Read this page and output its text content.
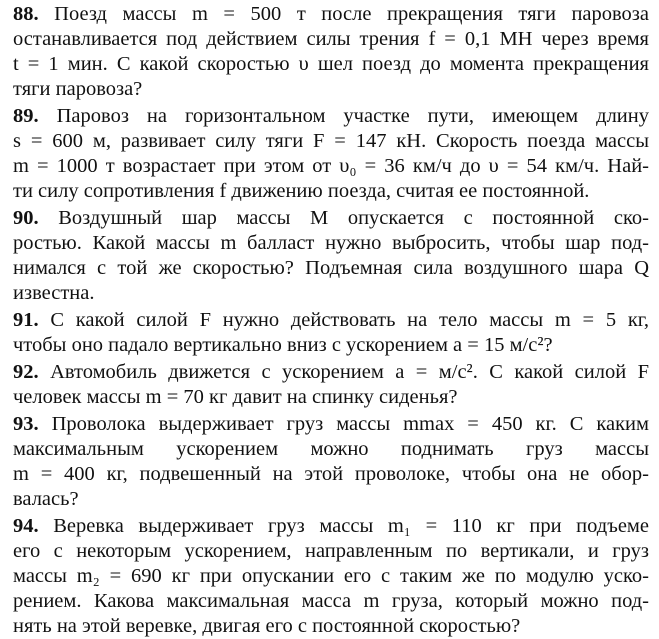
88. Поезд массы m = 500 т после прекращения тяги паровоза
останавливается под действием силы трения f = 0,1 МН через время
t = 1 мин. С какой скоростью υ шел поезд до момента прекращения
тяги паровоза?
89. Паровоз на горизонтальном участке пути, имеющем длину
s = 600 м, развивает силу тяги F = 147 кН. Скорость поезда массы
m = 1000 т возрастает при этом от υ₀ = 36 км/ч до υ = 54 км/ч. Най-
ти силу сопротивления f движению поезда, считая ее постоянной.
90. Воздушный шар массы M опускается с постоянной ско-
ростью. Какой массы m балласт нужно выбросить, чтобы шар под-
нимался с той же скоростью? Подъемная сила воздушного шара Q
известна.
91. С какой силой F нужно действовать на тело массы m = 5 кг,
чтобы оно падало вертикально вниз с ускорением a = 15 м/с²?
92. Автомобиль движется с ускорением a = м/с². С какой силой F
человек массы m = 70 кг давит на спинку сиденья?
93. Проволока выдерживает груз массы mmax = 450 кг. С каким
максимальным ускорением можно поднимать груз массы
m = 400 кг, подвешенный на этой проволоке, чтобы она не обор-
валась?
94. Веревка выдерживает груз массы m₁ = 110 кг при подъеме
его с некоторым ускорением, направленным по вертикали, и груз
массы m₂ = 690 кг при опускании его с таким же по модулю уско-
рением. Какова максимальная масса m груза, который можно под-
нять на этой веревке, двигая его с постоянной скоростью?
